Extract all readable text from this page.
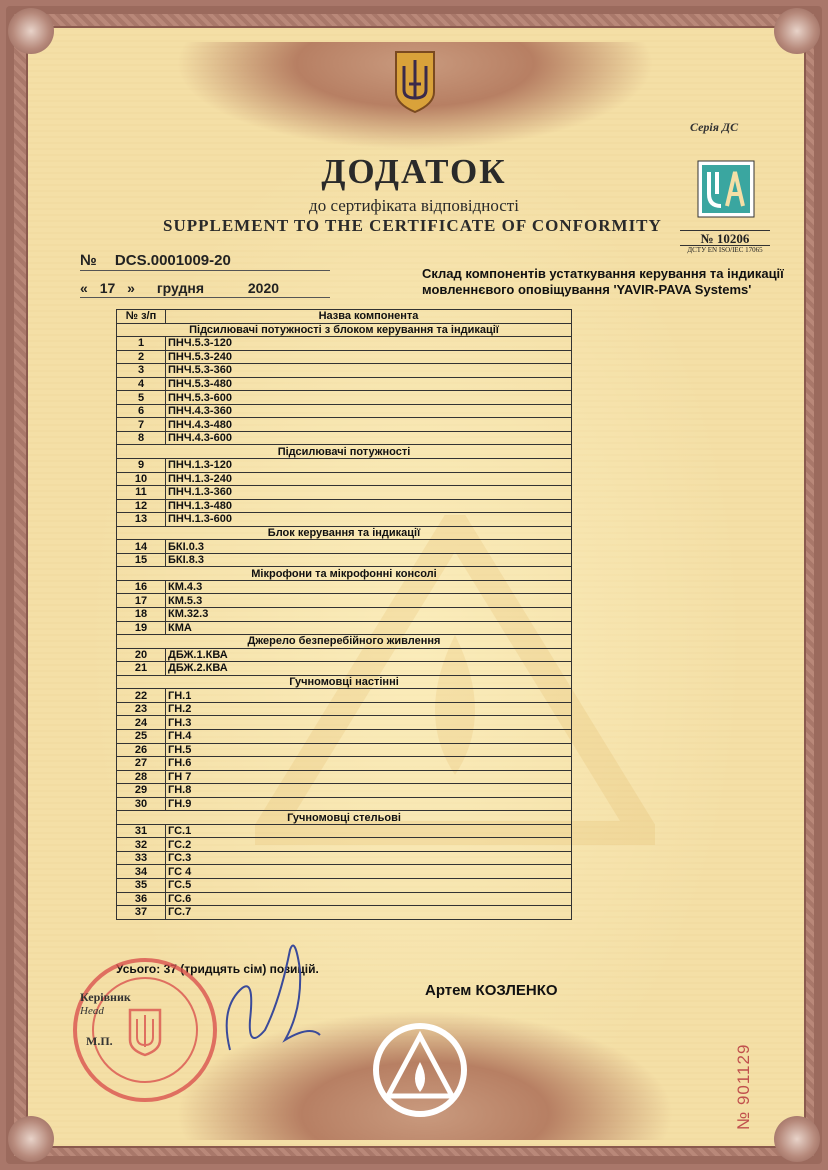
Серія ДС
ДОДАТОК
до сертифіката відповідності
SUPPLEMENT TO THE CERTIFICATE OF CONFORMITY
№ 10206
ДСТУ EN ISO/IEC 17065
№ DCS.0001009-20
« 17 » грудня	2020
Склад компонентів устаткування керування та індикації
мовленнєвого оповіщування 'YAVIR-PAVA Systems'
№ з/п	Назва компонента
Підсилювачі потужності з блоком керування та індикації	
1	ПНЧ.5.3-120
2	ПНЧ.5.3-240
3	ПНЧ.5.3-360
4	ПНЧ.5.3-480
5	ПНЧ.5.3-600
6	ПНЧ.4.3-360
7	ПНЧ.4.3-480
8	ПНЧ.4.3-600
Підсилювачі потужності	
9	ПНЧ.1.3-120
10	ПНЧ.1.3-240
11	ПНЧ.1.3-360
12	ПНЧ.1.3-480
13	ПНЧ.1.3-600
Блок керування та індикації	
14	БКІ.0.3
15	БКІ.8.3
Мікрофони та мікрофонні консолі	
16	КМ.4.3
17	КМ.5.3
18	КМ.32.3
19	КМА
Джерело безперебійного живлення	
20	ДБЖ.1.КВА
21	ДБЖ.2.КВА
Гучномовці настінні	
22	ГН.1
23	ГН.2
24	ГН.3
25	ГН.4
26	ГН.5
27	ГН.6
28	ГН 7
29	ГН.8
30	ГН.9
Гучномовці стельові	
31	ГС.1
32	ГС.2
33	ГС.3
34	ГС 4
35	ГС.5
36	ГС.6
37	ГС.7
Усього: 37 (тридцять сім) позицій.
Керівник
Head
М.П.
Артем КОЗЛЕНКО
№ 901129
